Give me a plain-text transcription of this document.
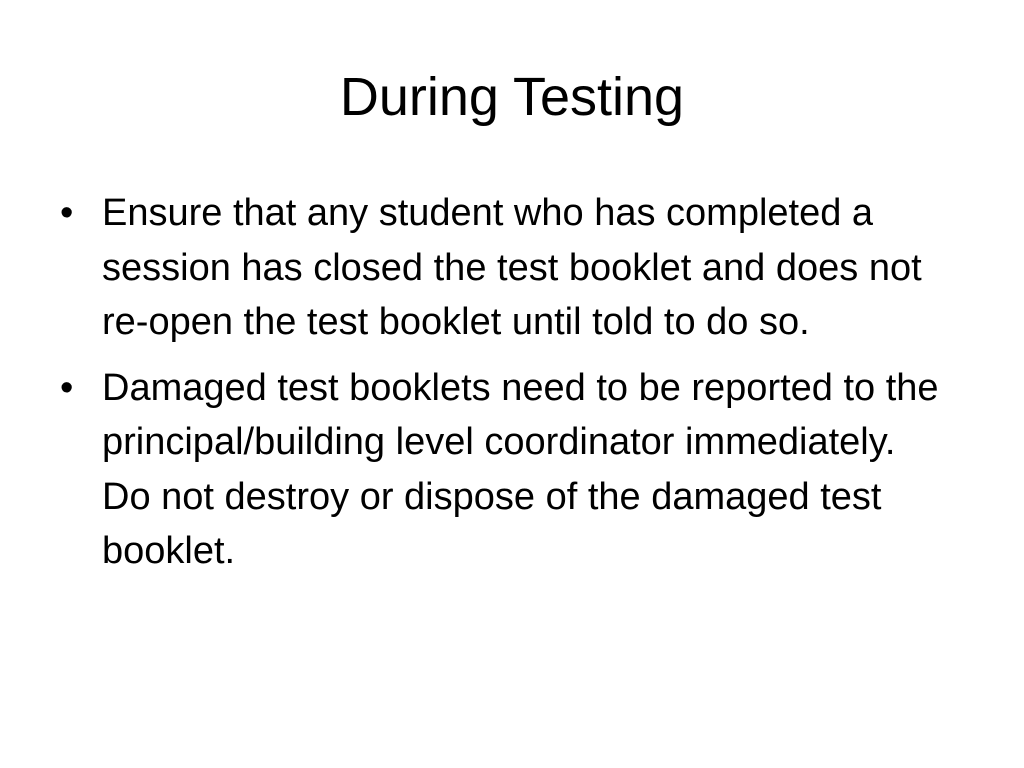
During Testing
• Ensure that any student who has completed a session has closed the test booklet and does not re-open the test booklet until told to do so.
• Damaged test booklets need to be reported to the principal/building level coordinator immediately. Do not destroy or dispose of the damaged test booklet.
